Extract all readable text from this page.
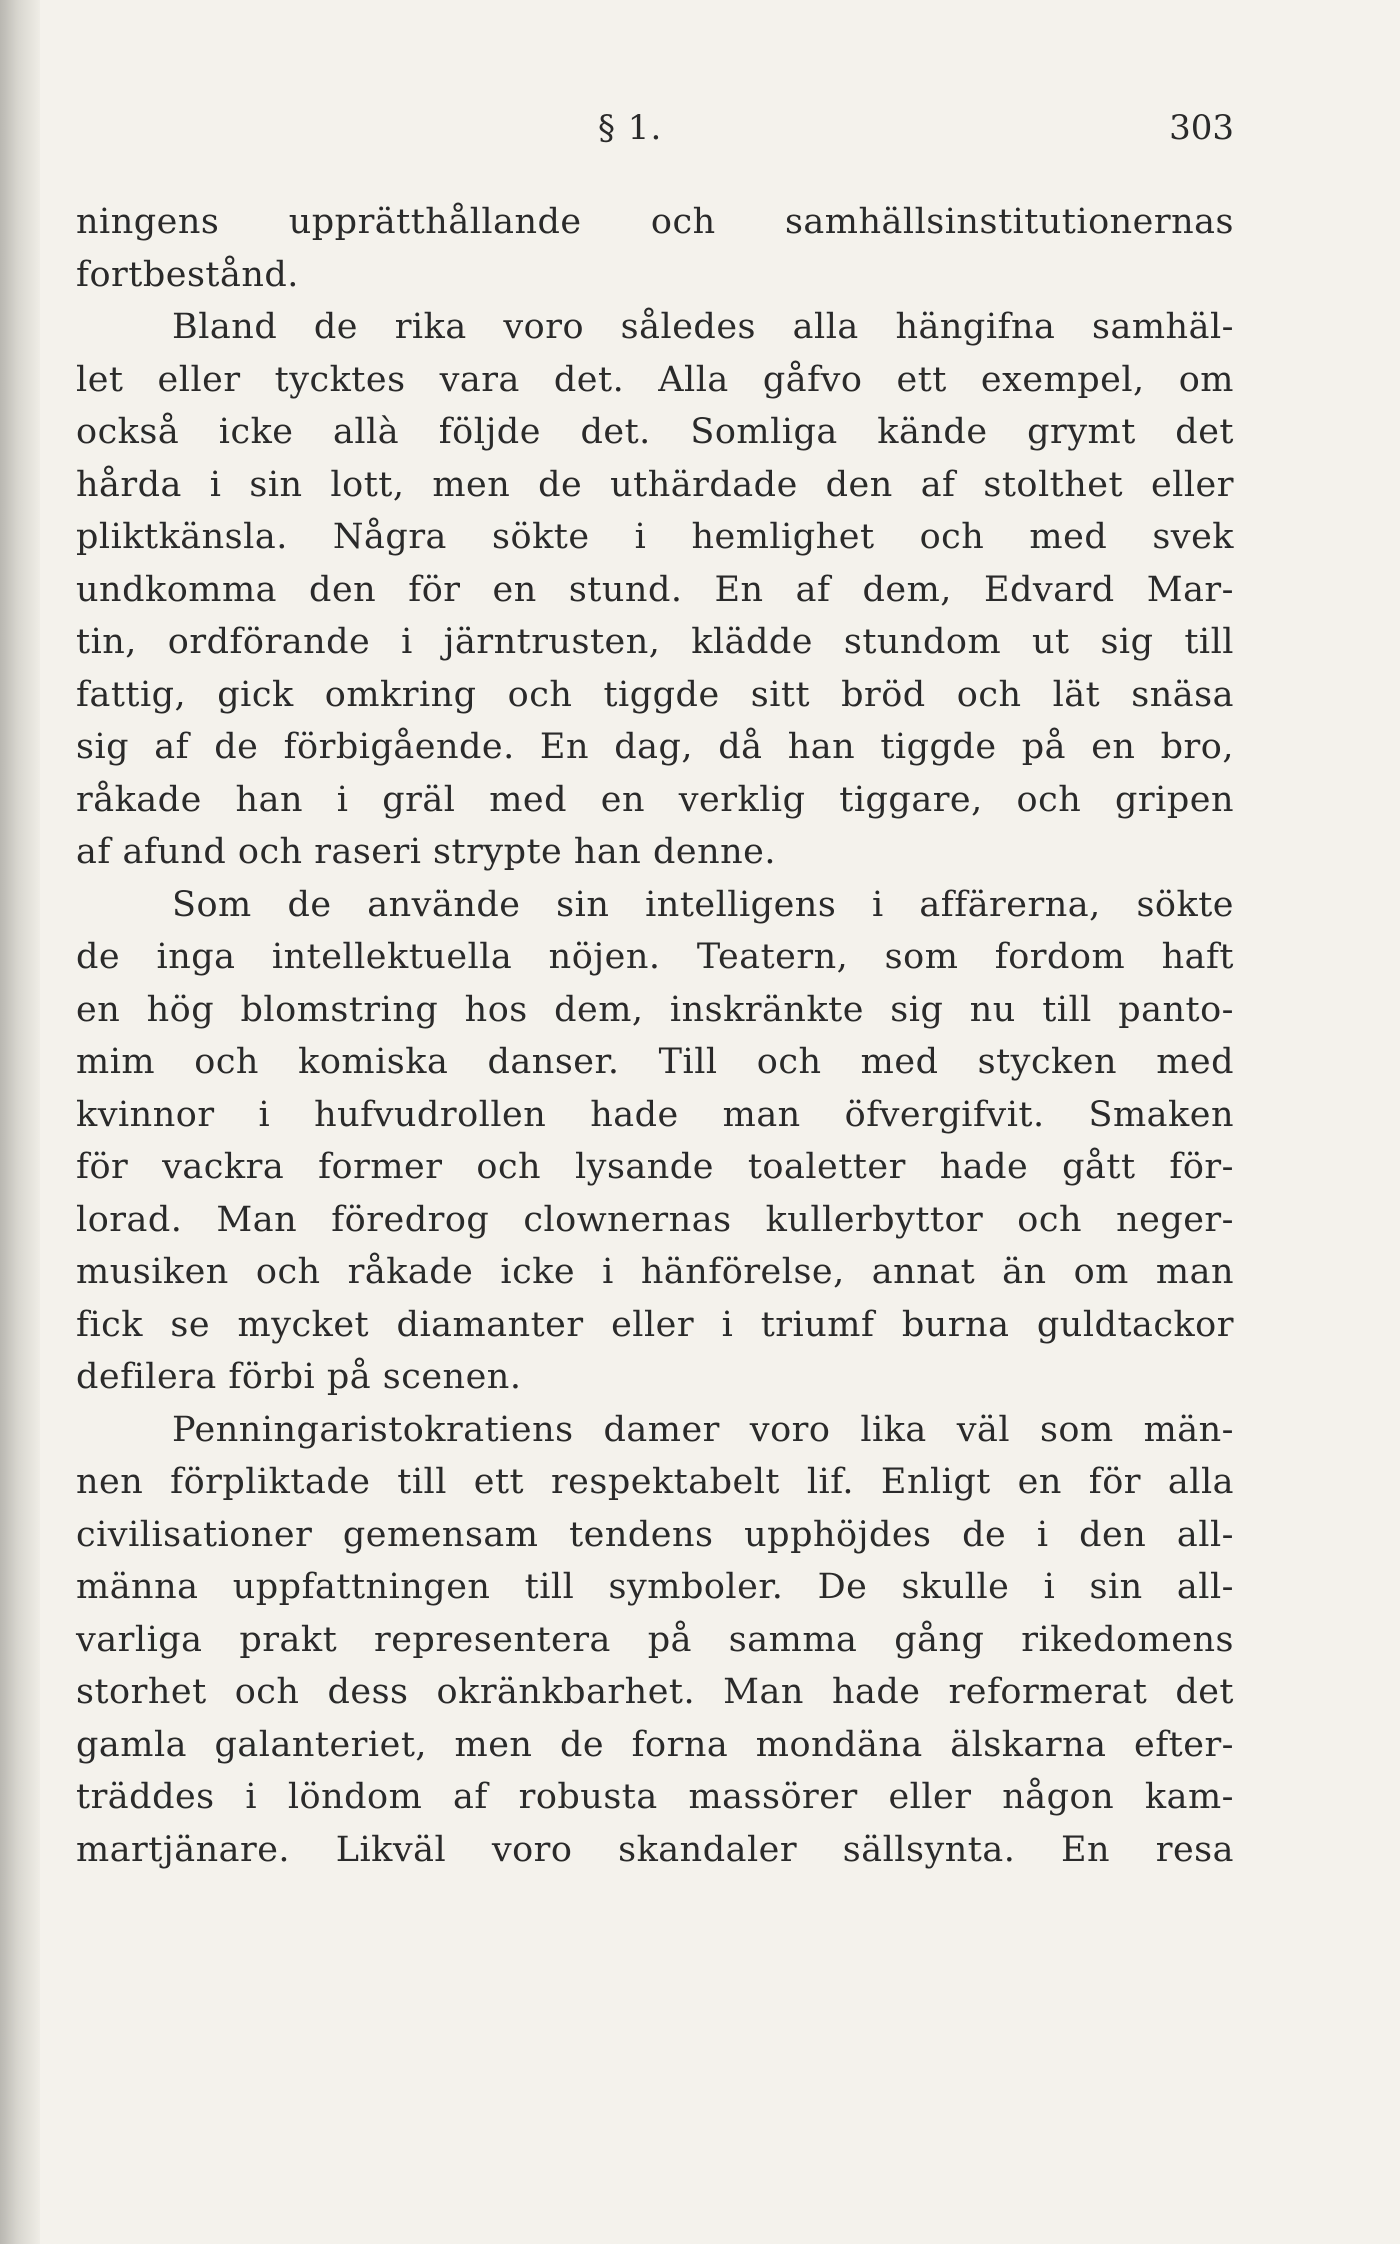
§ 1.	303
ningens upprätthållande och samhällsinstitutionernas
fortbestånd.
Bland de rika voro således alla hängifna samhäl-
let eller tycktes vara det. Alla gåfvo ett exempel, om
också icke allà följde det. Somliga kände grymt det
hårda i sin lott, men de uthärdade den af stolthet eller
pliktkänsla. Några sökte i hemlighet och med svek
undkomma den för en stund. En af dem, Edvard Mar-
tin, ordförande i järntrusten, klädde stundom ut sig till
fattig, gick omkring och tiggde sitt bröd och lät snäsa
sig af de förbigående. En dag, då han tiggde på en bro,
råkade han i gräl med en verklig tiggare, och gripen
af afund och raseri strypte han denne.
Som de använde sin intelligens i affärerna, sökte
de inga intellektuella nöjen. Teatern, som fordom haft
en hög blomstring hos dem, inskränkte sig nu till panto-
mim och komiska danser. Till och med stycken med
kvinnor i hufvudrollen hade man öfvergifvit. Smaken
för vackra former och lysande toaletter hade gått för-
lorad. Man föredrog clownernas kullerbyttor och neger-
musiken och råkade icke i hänförelse, annat än om man
fick se mycket diamanter eller i triumf burna guldtackor
defilera förbi på scenen.
Penningaristokratiens damer voro lika väl som män-
nen förpliktade till ett respektabelt lif. Enligt en för alla
civilisationer gemensam tendens upphöjdes de i den all-
männa uppfattningen till symboler. De skulle i sin all-
varliga prakt representera på samma gång rikedomens
storhet och dess okränkbarhet. Man hade reformerat det
gamla galanteriet, men de forna mondäna älskarna efter-
träddes i löndom af robusta massörer eller någon kam-
martjänare. Likväl voro skandaler sällsynta. En resa
